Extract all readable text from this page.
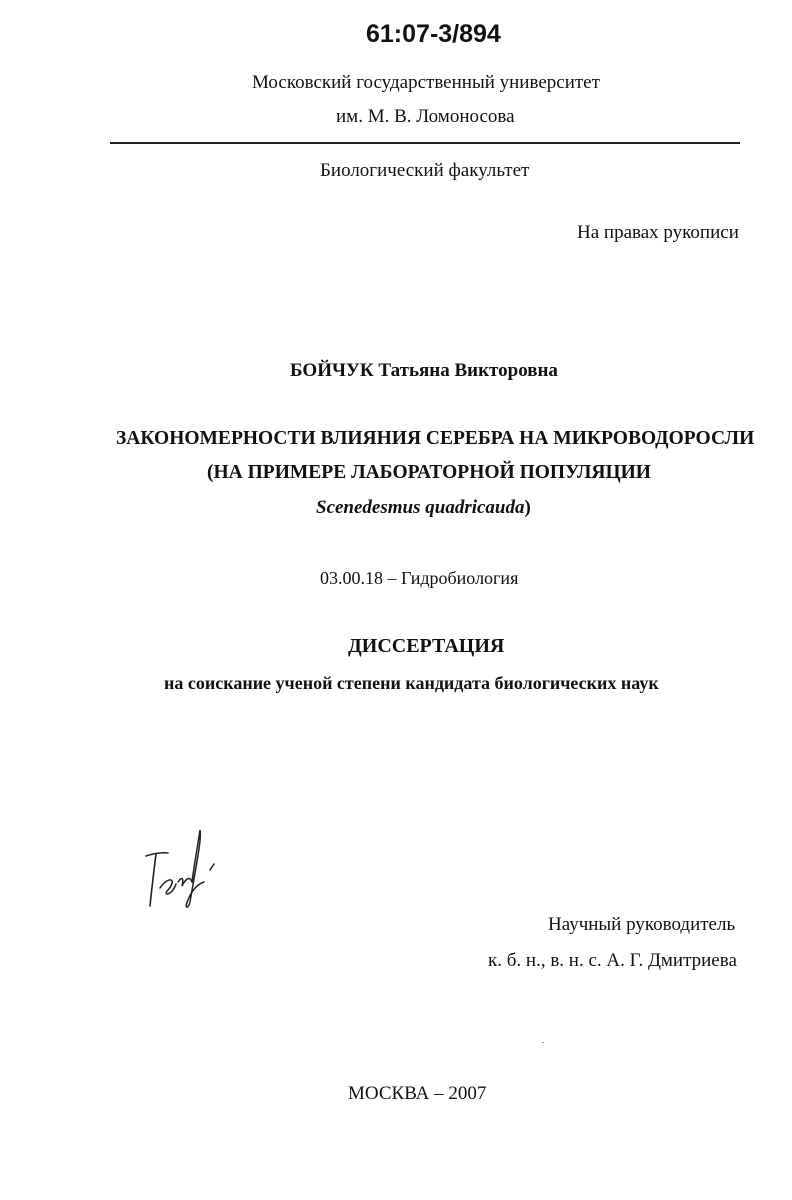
61:07-3/894
Московский государственный университет
им. М. В. Ломоносова
Биологический факультет
На правах рукописи
БОЙЧУК Татьяна Викторовна
ЗАКОНОМЕРНОСТИ ВЛИЯНИЯ СЕРЕБРА НА МИКРОВОДОРОСЛИ
(НА ПРИМЕРЕ ЛАБОРАТОРНОЙ ПОПУЛЯЦИИ
Scenedesmus quadricauda)
03.00.18 – Гидробиология
ДИССЕРТАЦИЯ
на соискание ученой степени кандидата биологических наук
Научный руководитель
к. б. н., в. н. с. А. Г. Дмитриева
МОСКВА – 2007
